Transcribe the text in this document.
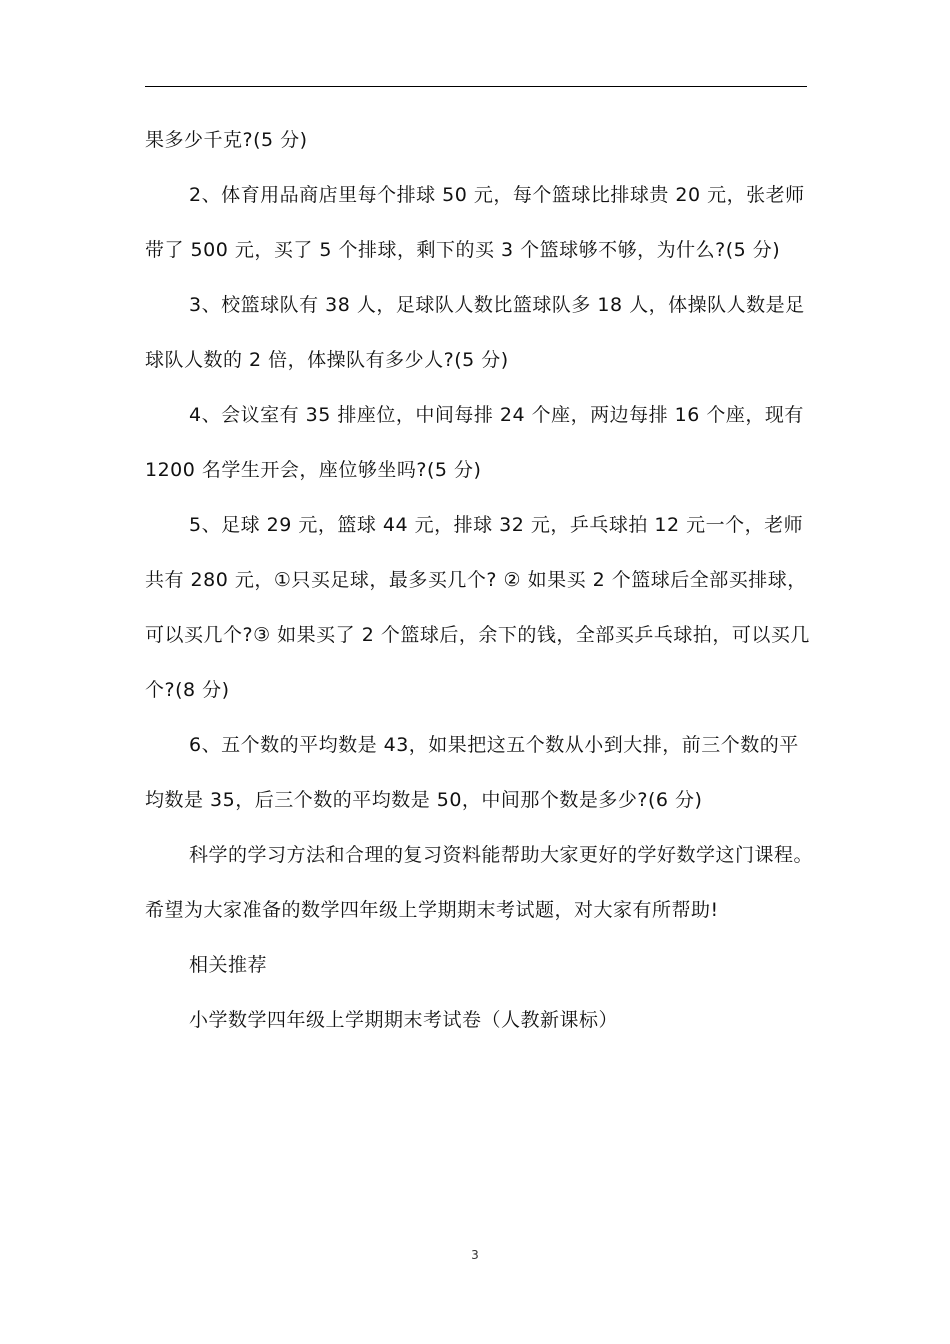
果多少千克?(5 分)

2、体育用品商店里每个排球 50 元，每个篮球比排球贵 20 元，张老师带了 500 元，买了 5 个排球，剩下的买 3 个篮球够不够，为什么?(5 分)

3、校篮球队有 38 人，足球队人数比篮球队多 18 人，体操队人数是足球队人数的 2 倍，体操队有多少人?(5 分)

4、会议室有 35 排座位，中间每排 24 个座，两边每排 16 个座，现有 1200 名学生开会，座位够坐吗?(5 分)

5、足球 29 元，篮球 44 元，排球 32 元，乒乓球拍 12 元一个，老师共有 280 元，①只买足球，最多买几个? ② 如果买 2 个篮球后全部买排球，可以买几个?③ 如果买了 2 个篮球后，余下的钱，全部买乒乓球拍，可以买几个?(8 分)

6、五个数的平均数是 43，如果把这五个数从小到大排，前三个数的平均数是 35，后三个数的平均数是 50，中间那个数是多少?(6 分)

科学的学习方法和合理的复习资料能帮助大家更好的学好数学这门课程。希望为大家准备的数学四年级上学期期末考试题，对大家有所帮助!

相关推荐

小学数学四年级上学期期末考试卷（人教新课标）

3
